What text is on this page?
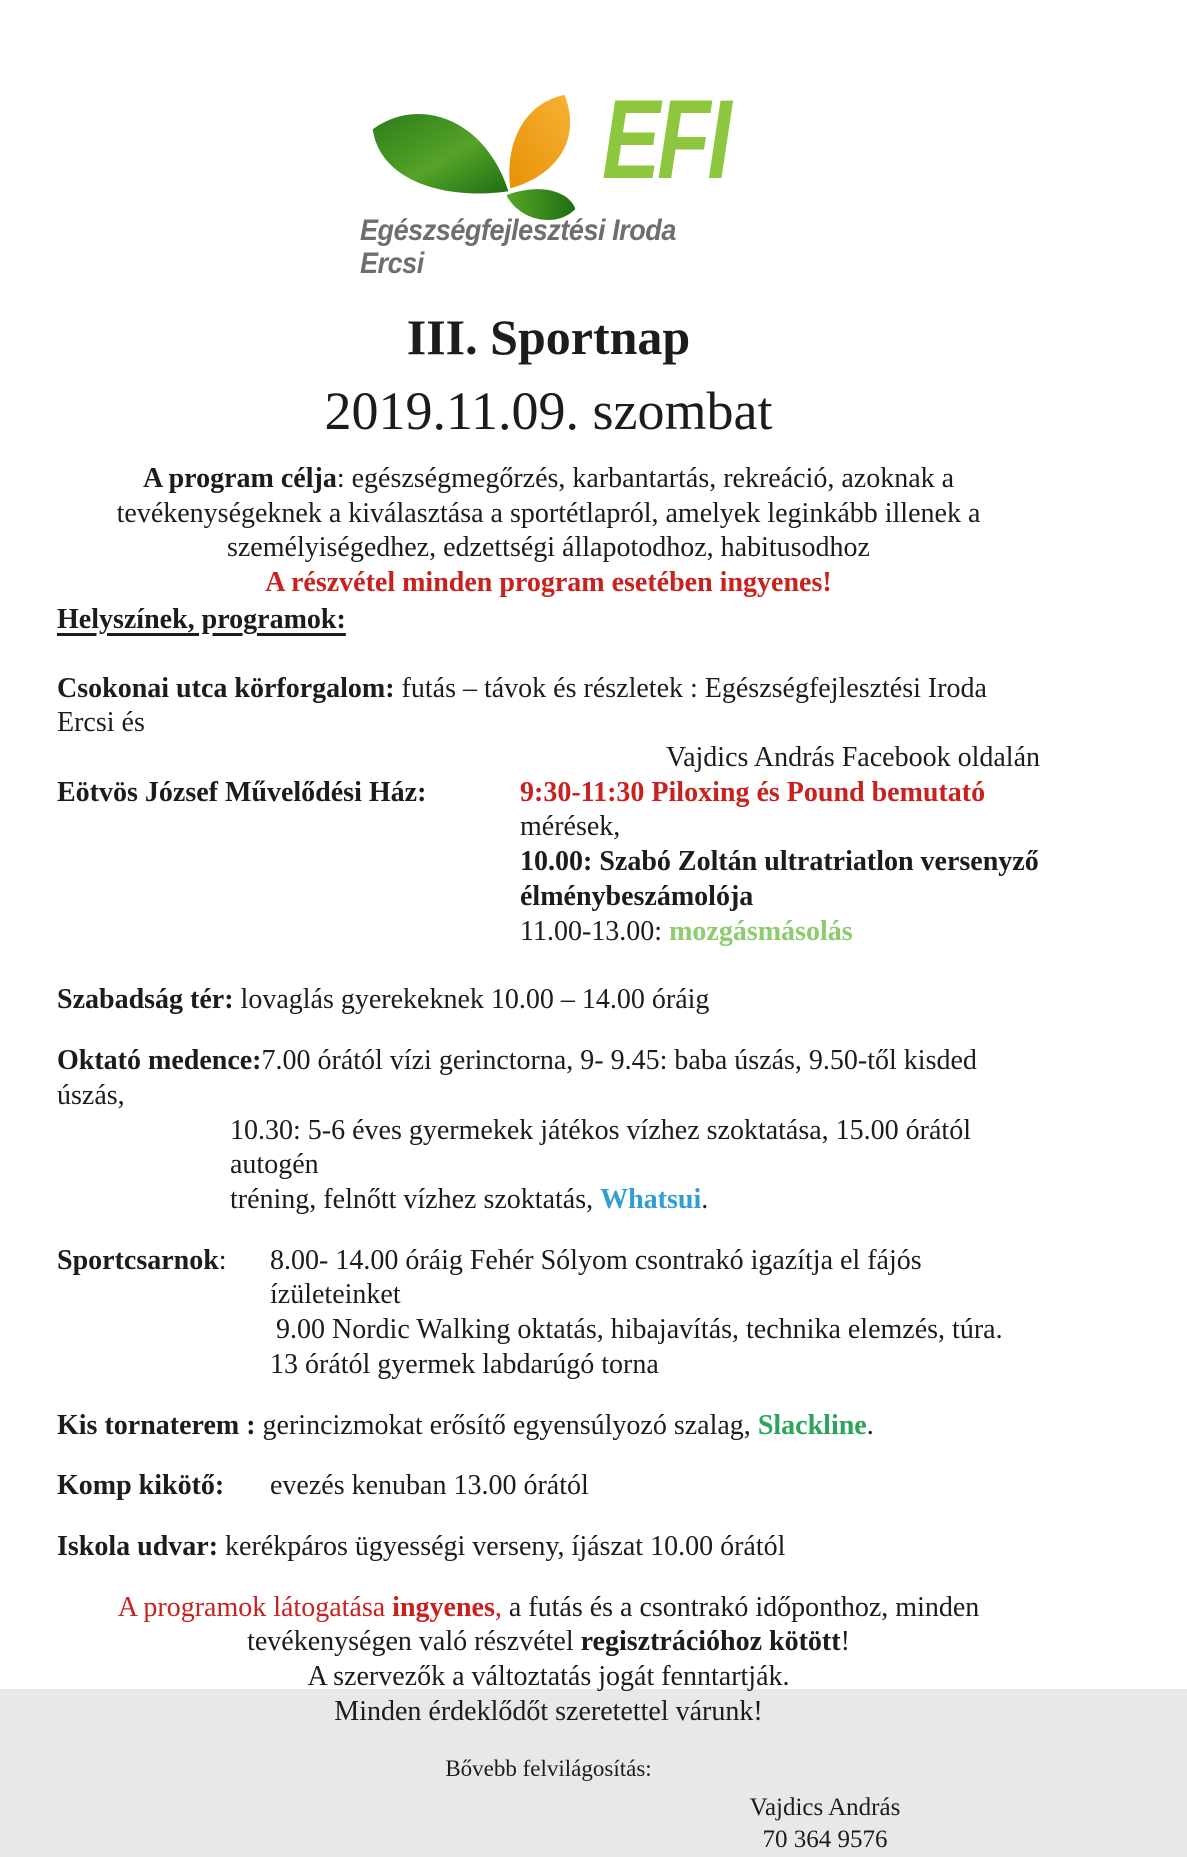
EFI
Egészségfejlesztési Iroda
Ercsi
III. Sportnap
2019.11.09. szombat
A program célja: egészségmegőrzés, karbantartás, rekreáció, azoknak a tevékenységeknek a kiválasztása a sportétlapról, amelyek leginkább illenek a személyiségedhez, edzettségi állapotodhoz, habitusodhoz
A részvétel minden program esetében ingyenes!
Helyszínek, programok:
Csokonai utca körforgalom: futás – távok és részletek : Egészségfejlesztési Iroda Ercsi és
Vajdics András Facebook oldalán
Eötvös József Művelődési Ház:	9:30-11:30 Piloxing és Pound bemutató
mérések,
10.00: Szabó Zoltán ultratriatlon versenyző
élménybeszámolója
11.00-13.00: mozgásmásolás
Szabadság tér: lovaglás gyerekeknek 10.00 – 14.00 óráig
Oktató medence:7.00 órától vízi gerinctorna, 9- 9.45: baba úszás, 9.50-től kisded úszás,
10.30: 5-6 éves gyermekek játékos vízhez szoktatása, 15.00 órától autogén
tréning, felnőtt vízhez szoktatás, Whatsui.
Sportcsarnok:	8.00- 14.00 óráig Fehér Sólyom csontrakó igazítja el fájós ízületeinket
9.00 Nordic Walking oktatás, hibajavítás, technika elemzés, túra.
13 órától gyermek labdarúgó torna
Kis tornaterem : gerincizmokat erősítő egyensúlyozó szalag, Slackline.
Komp kikötő:	evezés kenuban 13.00 órától
Iskola udvar: kerékpáros ügyességi verseny, íjászat 10.00 órától
A programok látogatása ingyenes, a futás és a csontrakó időponthoz, minden tevékenységen való részvétel regisztrációhoz kötött!
A szervezők a változtatás jogát fenntartják.
Minden érdeklődőt szeretettel várunk!
Bővebb felvilágosítás:
Vajdics András
70 364 9576
